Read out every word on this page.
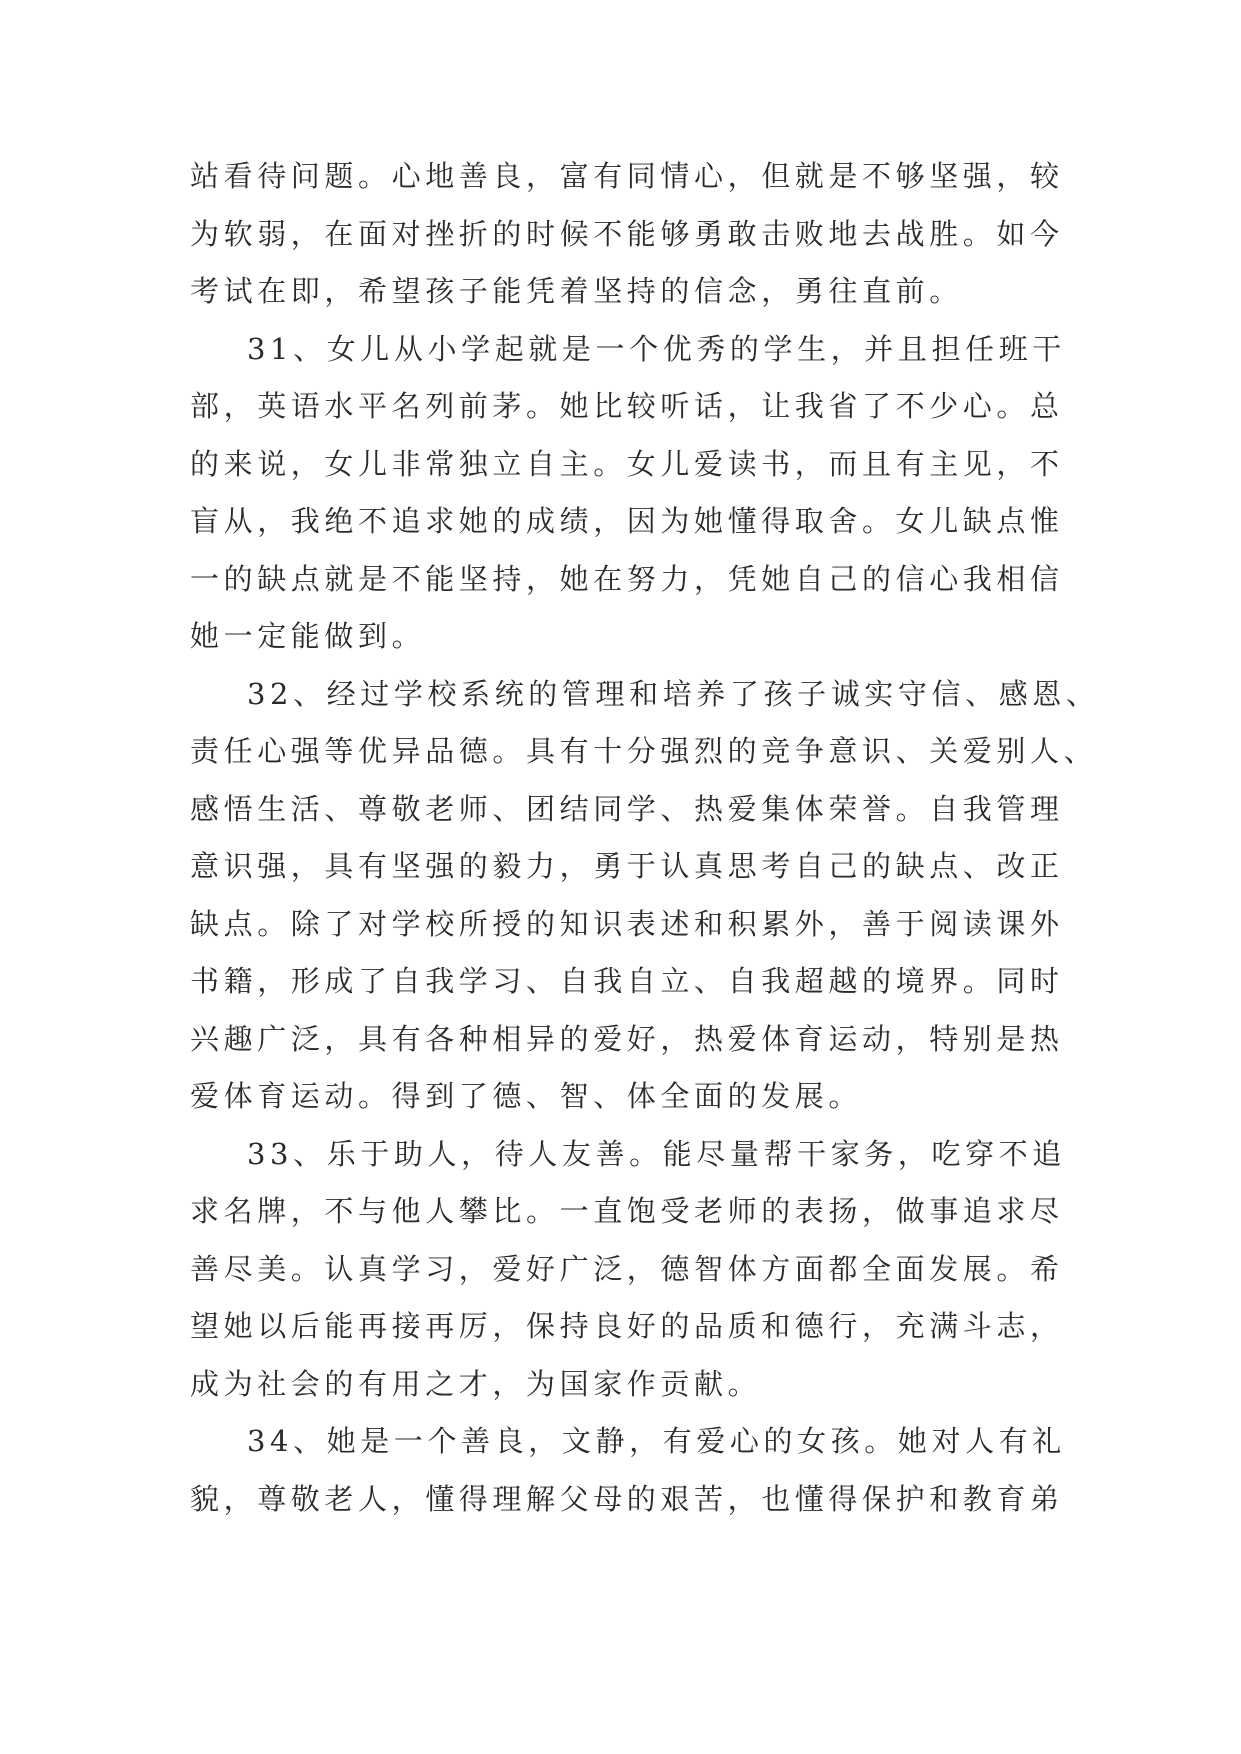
站看待问题。心地善良，富有同情心，但就是不够坚强，较
为软弱，在面对挫折的时候不能够勇敢击败地去战胜。如今
考试在即，希望孩子能凭着坚持的信念，勇往直前。
31、女儿从小学起就是一个优秀的学生，并且担任班干
部，英语水平名列前茅。她比较听话，让我省了不少心。总
的来说，女儿非常独立自主。女儿爱读书，而且有主见，不
盲从，我绝不追求她的成绩，因为她懂得取舍。女儿缺点惟
一的缺点就是不能坚持，她在努力，凭她自己的信心我相信
她一定能做到。
32、经过学校系统的管理和培养了孩子诚实守信、感恩、
责任心强等优异品德。具有十分强烈的竞争意识、关爱别人、
感悟生活、尊敬老师、团结同学、热爱集体荣誉。自我管理
意识强，具有坚强的毅力，勇于认真思考自己的缺点、改正
缺点。除了对学校所授的知识表述和积累外，善于阅读课外
书籍，形成了自我学习、自我自立、自我超越的境界。同时
兴趣广泛，具有各种相异的爱好，热爱体育运动，特别是热
爱体育运动。得到了德、智、体全面的发展。
33、乐于助人，待人友善。能尽量帮干家务，吃穿不追
求名牌，不与他人攀比。一直饱受老师的表扬，做事追求尽
善尽美。认真学习，爱好广泛，德智体方面都全面发展。希
望她以后能再接再厉，保持良好的品质和德行，充满斗志，
成为社会的有用之才，为国家作贡献。
34、她是一个善良，文静，有爱心的女孩。她对人有礼
貌，尊敬老人，懂得理解父母的艰苦，也懂得保护和教育弟
